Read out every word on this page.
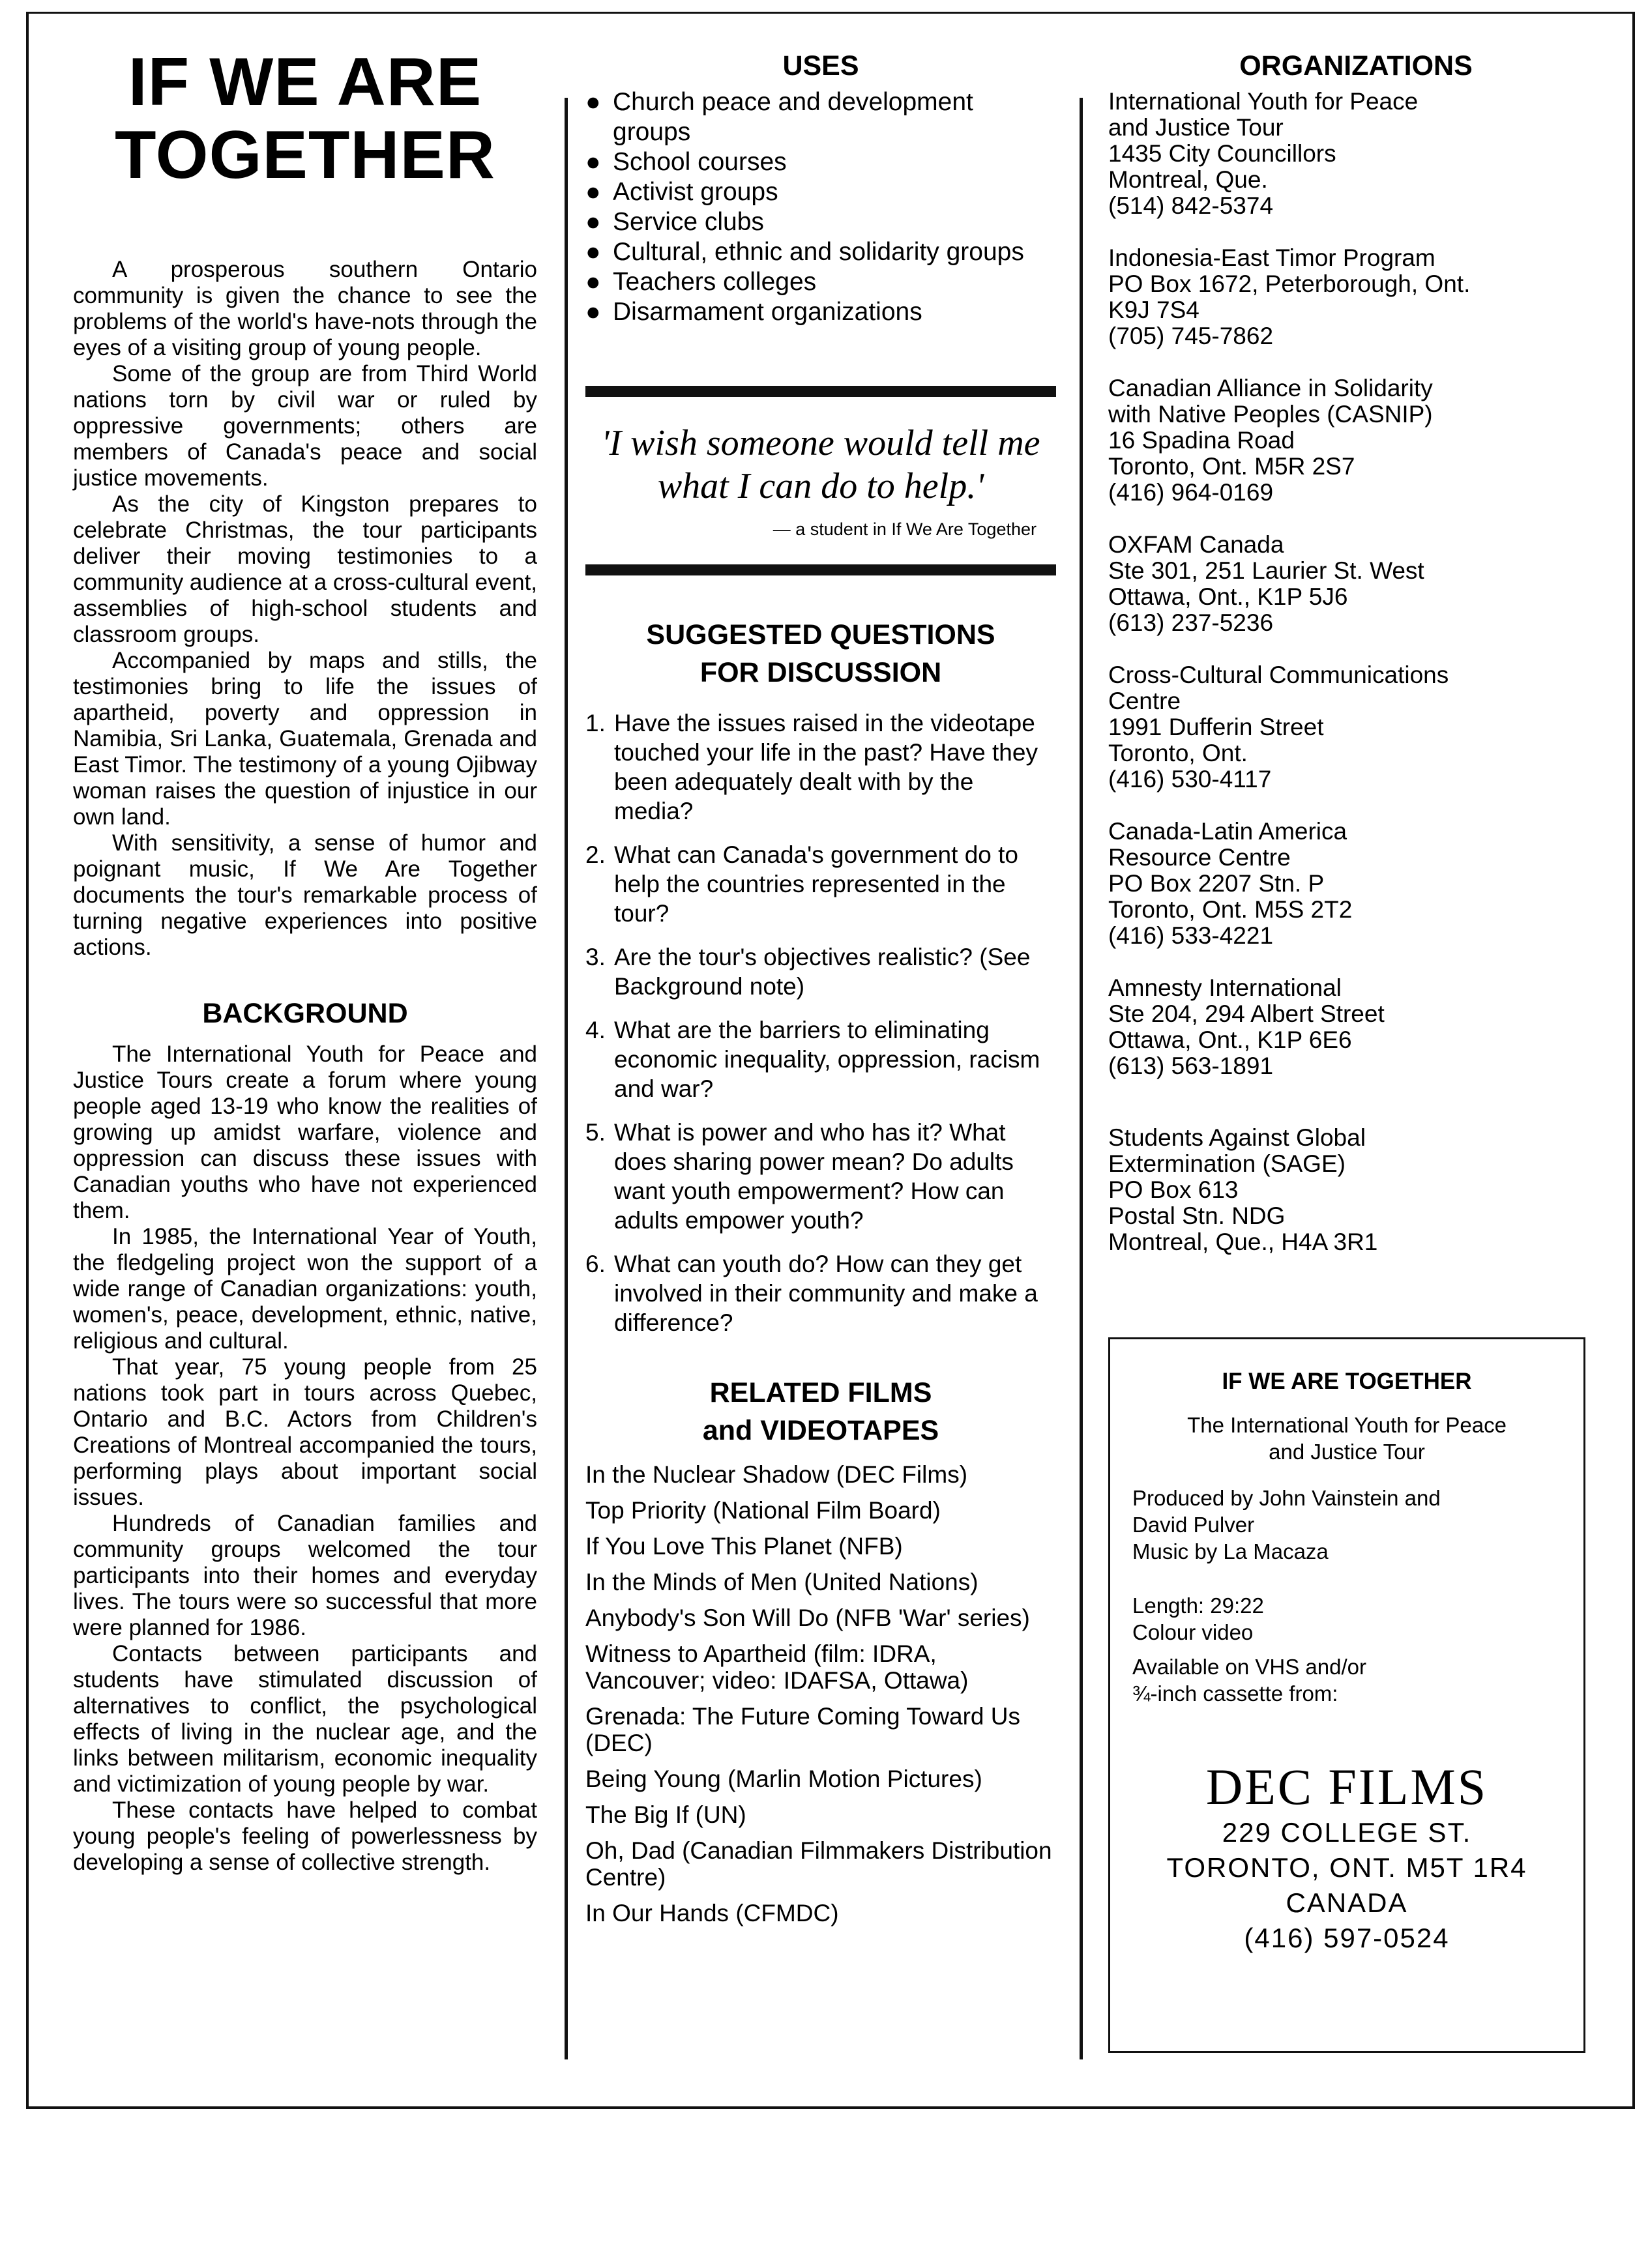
IF WE ARE
TOGETHER

A prosperous southern Ontario community is given the chance to see the problems of the world's have-nots through the eyes of a visiting group of young people.

Some of the group are from Third World nations torn by civil war or ruled by oppressive governments; others are members of Canada's peace and social justice movements.

As the city of Kingston prepares to celebrate Christmas, the tour participants deliver their moving testimonies to a community audience at a cross-cultural event, assemblies of high-school students and classroom groups.

Accompanied by maps and stills, the testimonies bring to life the issues of apartheid, poverty and oppression in Namibia, Sri Lanka, Guatemala, Grenada and East Timor. The testimony of a young Ojibway woman raises the question of injustice in our own land.

With sensitivity, a sense of humor and poignant music, If We Are Together documents the tour's remarkable process of turning negative experiences into positive actions.

BACKGROUND

The International Youth for Peace and Justice Tours create a forum where young people aged 13-19 who know the realities of growing up amidst warfare, violence and oppression can discuss these issues with Canadian youths who have not experienced them.

In 1985, the International Year of Youth, the fledgeling project won the support of a wide range of Canadian organizations: youth, women's, peace, development, ethnic, native, religious and cultural.

That year, 75 young people from 25 nations took part in tours across Quebec, Ontario and B.C. Actors from Children's Creations of Montreal accompanied the tours, performing plays about important social issues.

Hundreds of Canadian families and community groups welcomed the tour participants into their homes and everyday lives. The tours were so successful that more were planned for 1986.

Contacts between participants and students have stimulated discussion of alternatives to conflict, the psychological effects of living in the nuclear age, and the links between militarism, economic inequality and victimization of young people by war.

These contacts have helped to combat young people's feeling of powerlessness by developing a sense of collective strength.

USES
● Church peace and development groups
● School courses
● Activist groups
● Service clubs
● Cultural, ethnic and solidarity groups
● Teachers colleges
● Disarmament organizations
'I wish someone would tell me what I can do to help.'
— a student in If We Are Together
SUGGESTED QUESTIONS
FOR DISCUSSION
1. Have the issues raised in the videotape touched your life in the past? Have they been adequately dealt with by the media?
2. What can Canada's government do to help the countries represented in the tour?
3. Are the tour's objectives realistic? (See Background note)
4. What are the barriers to eliminating economic inequality, oppression, racism and war?
5. What is power and who has it? What does sharing power mean? Do adults want youth empowerment? How can adults empower youth?
6. What can youth do? How can they get involved in their community and make a difference?
RELATED FILMS
and VIDEOTAPES
In the Nuclear Shadow (DEC Films)
Top Priority (National Film Board)
If You Love This Planet (NFB)
In the Minds of Men (United Nations)
Anybody's Son Will Do (NFB 'War' series)
Witness to Apartheid (film: IDRA, Vancouver; video: IDAFSA, Ottawa)
Grenada: The Future Coming Toward Us (DEC)
Being Young (Marlin Motion Pictures)
The Big If (UN)
Oh, Dad (Canadian Filmmakers Distribution Centre)
In Our Hands (CFMDC)
ORGANIZATIONS
International Youth for Peace
and Justice Tour
1435 City Councillors
Montreal, Que.
(514) 842-5374
Indonesia-East Timor Program
PO Box 1672, Peterborough, Ont.
K9J 7S4
(705) 745-7862
Canadian Alliance in Solidarity
with Native Peoples (CASNIP)
16 Spadina Road
Toronto, Ont. M5R 2S7
(416) 964-0169
OXFAM Canada
Ste 301, 251 Laurier St. West
Ottawa, Ont., K1P 5J6
(613) 237-5236
Cross-Cultural Communications
Centre
1991 Dufferin Street
Toronto, Ont.
(416) 530-4117
Canada-Latin America
Resource Centre
PO Box 2207 Stn. P
Toronto, Ont. M5S 2T2
(416) 533-4221
Amnesty International
Ste 204, 294 Albert Street
Ottawa, Ont., K1P 6E6
(613) 563-1891
Students Against Global
Extermination (SAGE)
PO Box 613
Postal Stn. NDG
Montreal, Que., H4A 3R1
IF WE ARE TOGETHER
The International Youth for Peace
and Justice Tour
Produced by John Vainstein and
David Pulver
Music by La Macaza
Length: 29:22
Colour video
Available on VHS and/or
¾-inch cassette from:
DEC FILMS
229 COLLEGE ST.
TORONTO, ONT. M5T 1R4
CANADA
(416) 597-0524
